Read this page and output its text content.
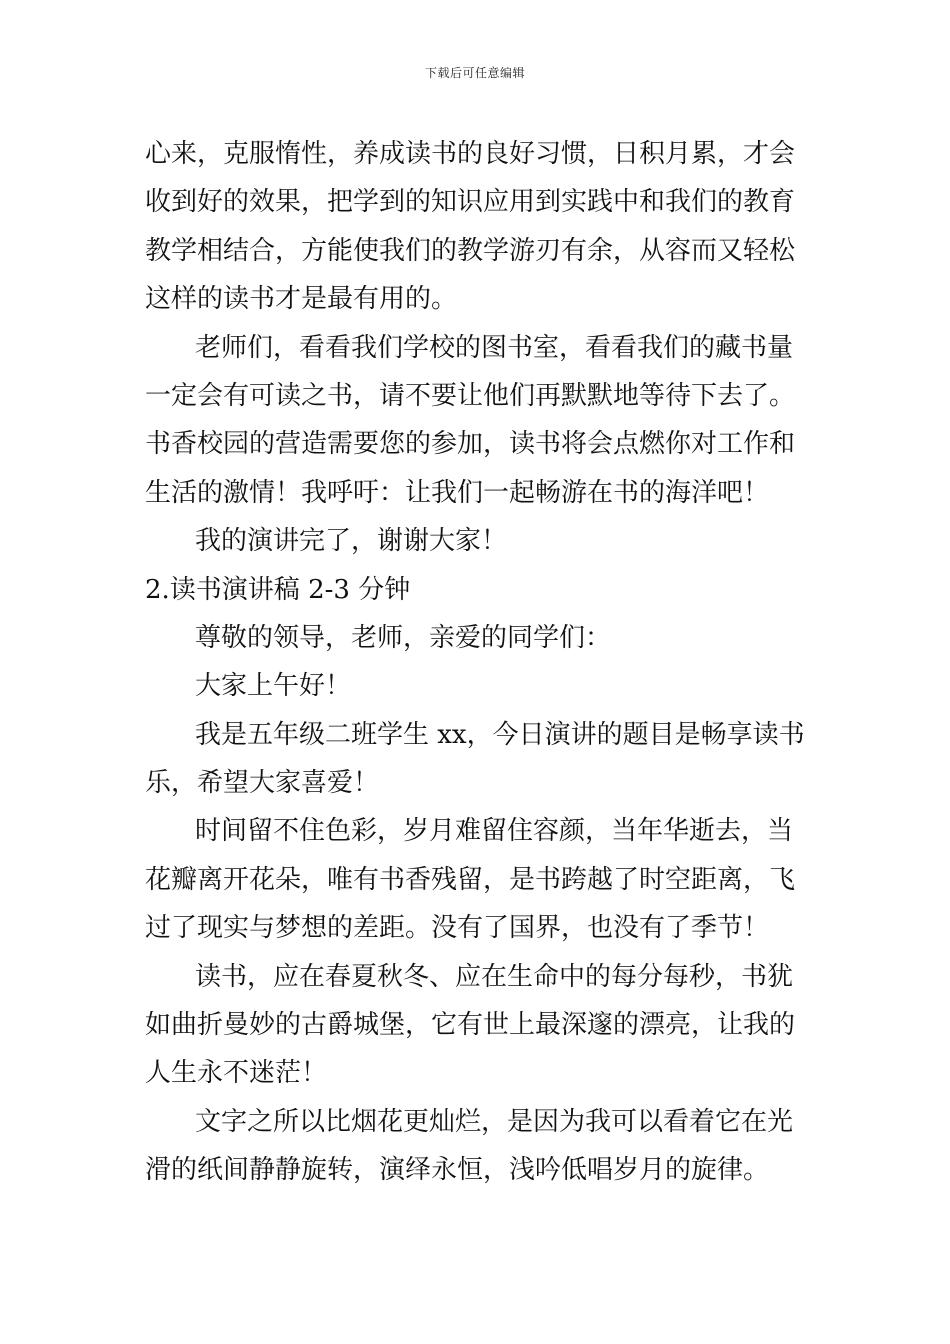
下载后可任意编辑
心来，克服惰性，养成读书的良好习惯，日积月累，才会
收到好的效果，把学到的知识应用到实践中和我们的教育
教学相结合，方能使我们的教学游刃有余，从容而又轻松
这样的读书才是最有用的。
老师们，看看我们学校的图书室，看看我们的藏书量
一定会有可读之书，请不要让他们再默默地等待下去了。
书香校园的营造需要您的参加，读书将会点燃你对工作和
生活的激情！我呼吁：让我们一起畅游在书的海洋吧！
我的演讲完了，谢谢大家！
2.读书演讲稿 2-3 分钟
尊敬的领导，老师，亲爱的同学们：
大家上午好！
我是五年级二班学生 xx，今日演讲的题目是畅享读书
乐，希望大家喜爱！
时间留不住色彩，岁月难留住容颜，当年华逝去，当
花瓣离开花朵，唯有书香残留，是书跨越了时空距离，飞
过了现实与梦想的差距。没有了国界，也没有了季节！
读书，应在春夏秋冬、应在生命中的每分每秒，书犹
如曲折曼妙的古爵城堡，它有世上最深邃的漂亮，让我的
人生永不迷茫！
文字之所以比烟花更灿烂，是因为我可以看着它在光
滑的纸间静静旋转，演绎永恒，浅吟低唱岁月的旋律。
